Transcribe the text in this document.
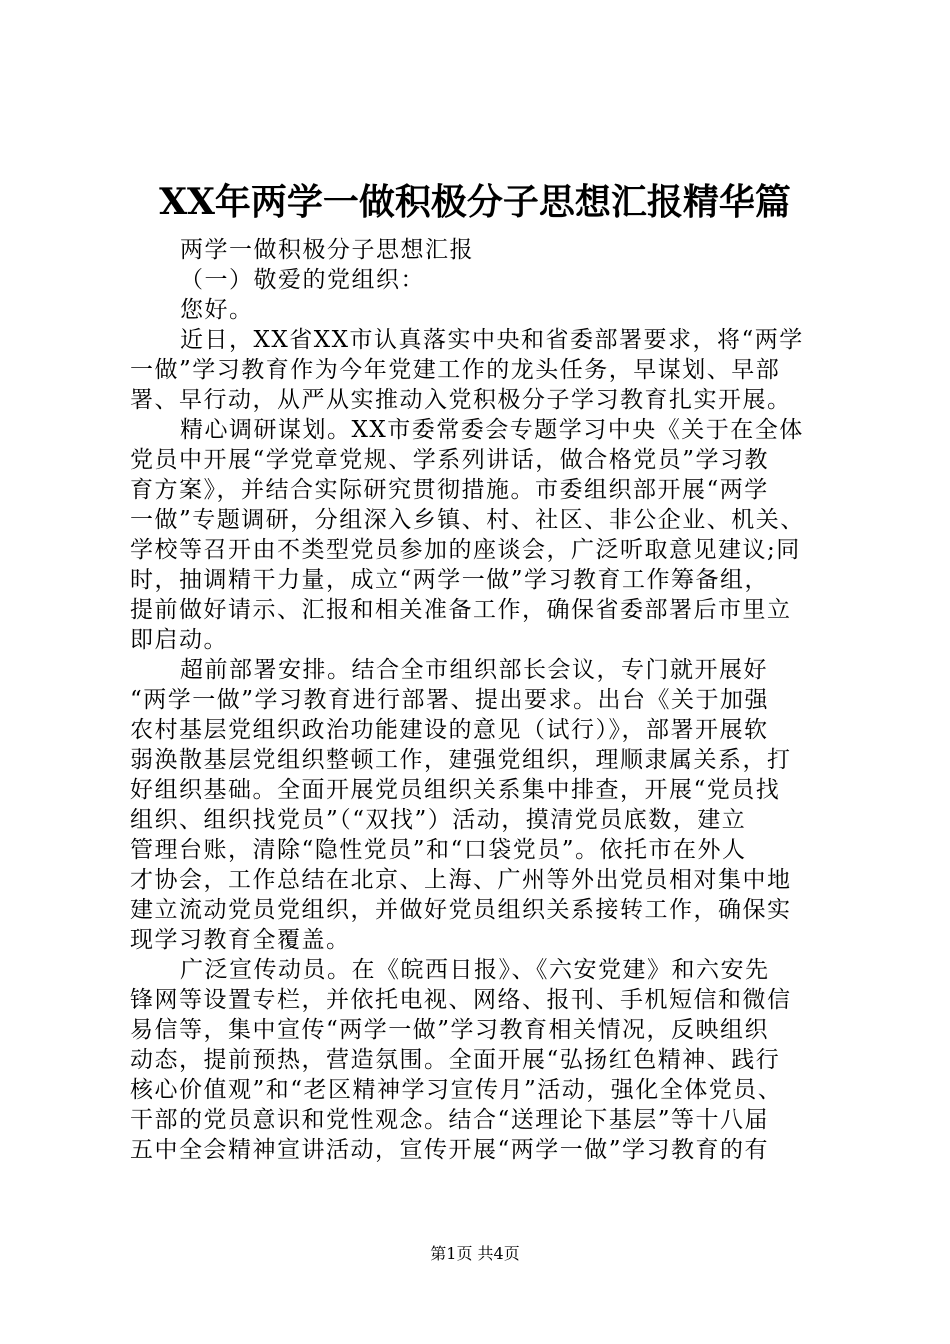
XX年两学一做积极分子思想汇报精华篇
两学一做积极分子思想汇报
（一）敬爱的党组织：
您好。
近日，XX省XX市认真落实中央和省委部署要求，将“两学
一做”学习教育作为今年党建工作的龙头任务，早谋划、早部
署、早行动，从严从实推动入党积极分子学习教育扎实开展。
精心调研谋划。XX市委常委会专题学习中央《关于在全体
党员中开展“学党章党规、学系列讲话，做合格党员”学习教
育方案》，并结合实际研究贯彻措施。市委组织部开展“两学
一做”专题调研，分组深入乡镇、村、社区、非公企业、机关、
学校等召开由不类型党员参加的座谈会，广泛听取意见建议;同
时，抽调精干力量，成立“两学一做”学习教育工作筹备组，
提前做好请示、汇报和相关准备工作，确保省委部署后市里立
即启动。
超前部署安排。结合全市组织部长会议，专门就开展好
“两学一做”学习教育进行部署、提出要求。出台《关于加强
农村基层党组织政治功能建设的意见（试行）》，部署开展软
弱涣散基层党组织整顿工作，建强党组织，理顺隶属关系，打
好组织基础。全面开展党员组织关系集中排查，开展“党员找
组织、组织找党员”（“双找”）活动，摸清党员底数，建立
管理台账，清除“隐性党员”和“口袋党员”。依托市在外人
才协会，工作总结在北京、上海、广州等外出党员相对集中地
建立流动党员党组织，并做好党员组织关系接转工作，确保实
现学习教育全覆盖。
广泛宣传动员。在《皖西日报》、《六安党建》和六安先
锋网等设置专栏，并依托电视、网络、报刊、手机短信和微信
易信等，集中宣传“两学一做”学习教育相关情况，反映组织
动态，提前预热，营造氛围。全面开展“弘扬红色精神、践行
核心价值观”和“老区精神学习宣传月”活动，强化全体党员、
干部的党员意识和党性观念。结合“送理论下基层”等十八届
五中全会精神宣讲活动，宣传开展“两学一做”学习教育的有
第1页 共4页
